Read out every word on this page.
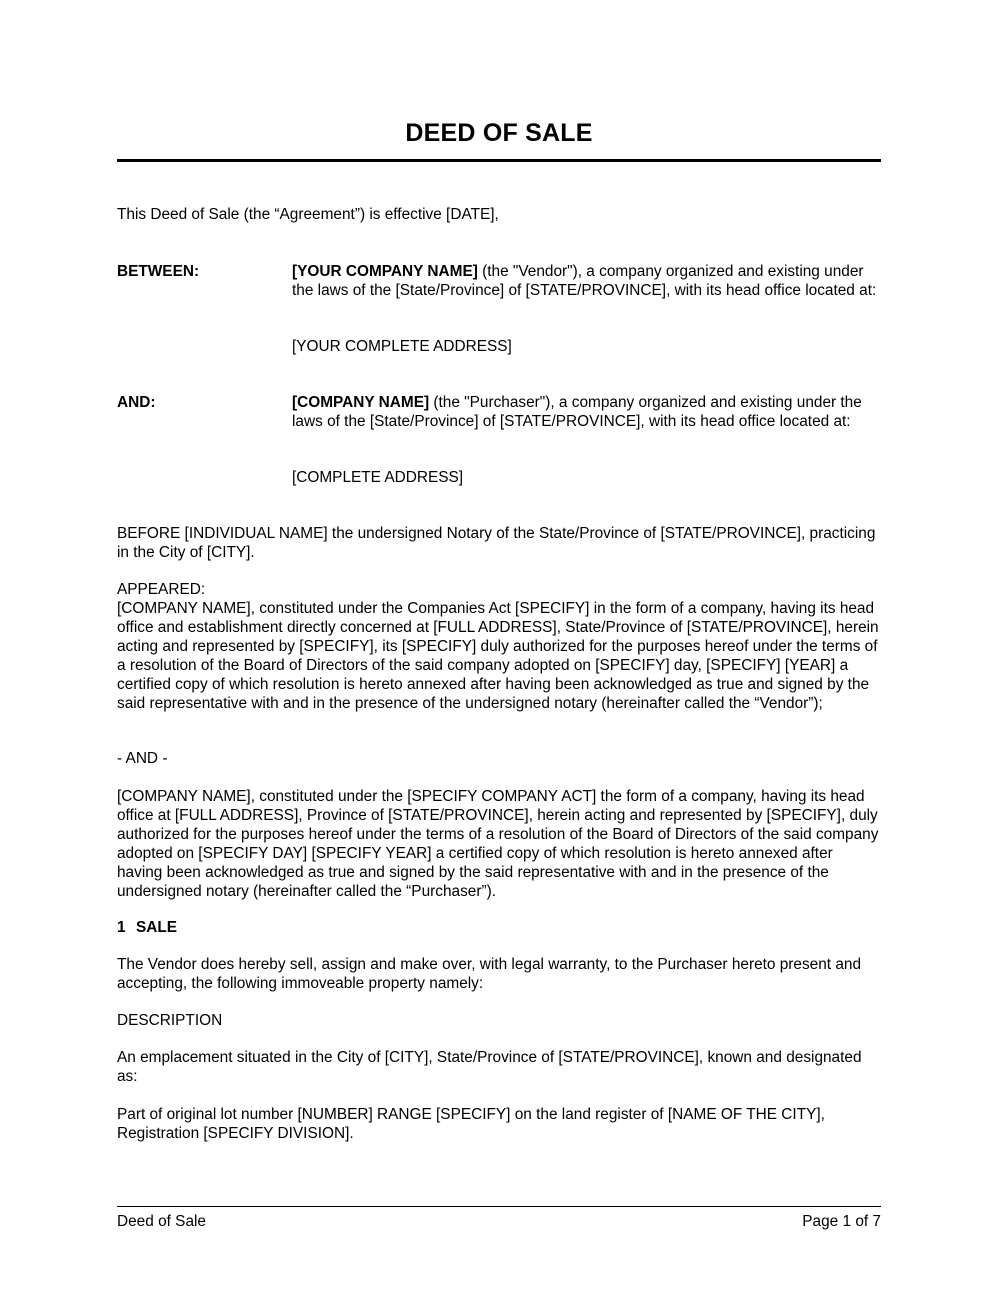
DEED OF SALE

This Deed of Sale (the “Agreement”) is effective [DATE],

BETWEEN:	[YOUR COMPANY NAME] (the "Vendor"), a company organized and existing under the laws of the [State/Province] of [STATE/PROVINCE], with its head office located at:

[YOUR COMPLETE ADDRESS]

AND:	[COMPANY NAME] (the "Purchaser"), a company organized and existing under the laws of the [State/Province] of [STATE/PROVINCE], with its head office located at:

[COMPLETE ADDRESS]

BEFORE [INDIVIDUAL NAME] the undersigned Notary of the State/Province of [STATE/PROVINCE], practicing in the City of [CITY].

APPEARED:

[COMPANY NAME], constituted under the Companies Act [SPECIFY] in the form of a company, having its head office and establishment directly concerned at [FULL ADDRESS], State/Province of [STATE/PROVINCE], herein acting and represented by [SPECIFY], its [SPECIFY] duly authorized for the purposes hereof under the terms of a resolution of the Board of Directors of the said company adopted on [SPECIFY] day, [SPECIFY] [YEAR] a certified copy of which resolution is hereto annexed after having been acknowledged as true and signed by the said representative with and in the presence of the undersigned notary (hereinafter called the “Vendor”);

- AND -

[COMPANY NAME], constituted under the [SPECIFY COMPANY ACT] the form of a company, having its head office at [FULL ADDRESS], Province of [STATE/PROVINCE], herein acting and represented by [SPECIFY], duly authorized for the purposes hereof under the terms of a resolution of the Board of Directors of the said company adopted on [SPECIFY DAY] [SPECIFY YEAR] a certified copy of which resolution is hereto annexed after having been acknowledged as true and signed by the said representative with and in the presence of the undersigned notary (hereinafter called the “Purchaser”).

1 SALE

The Vendor does hereby sell, assign and make over, with legal warranty, to the Purchaser hereto present and accepting, the following immoveable property namely:

DESCRIPTION

An emplacement situated in the City of [CITY], State/Province of [STATE/PROVINCE], known and designated as:

Part of original lot number [NUMBER] RANGE [SPECIFY] on the land register of [NAME OF THE CITY], Registration [SPECIFY DIVISION].

Deed of Sale	Page 1 of 7
